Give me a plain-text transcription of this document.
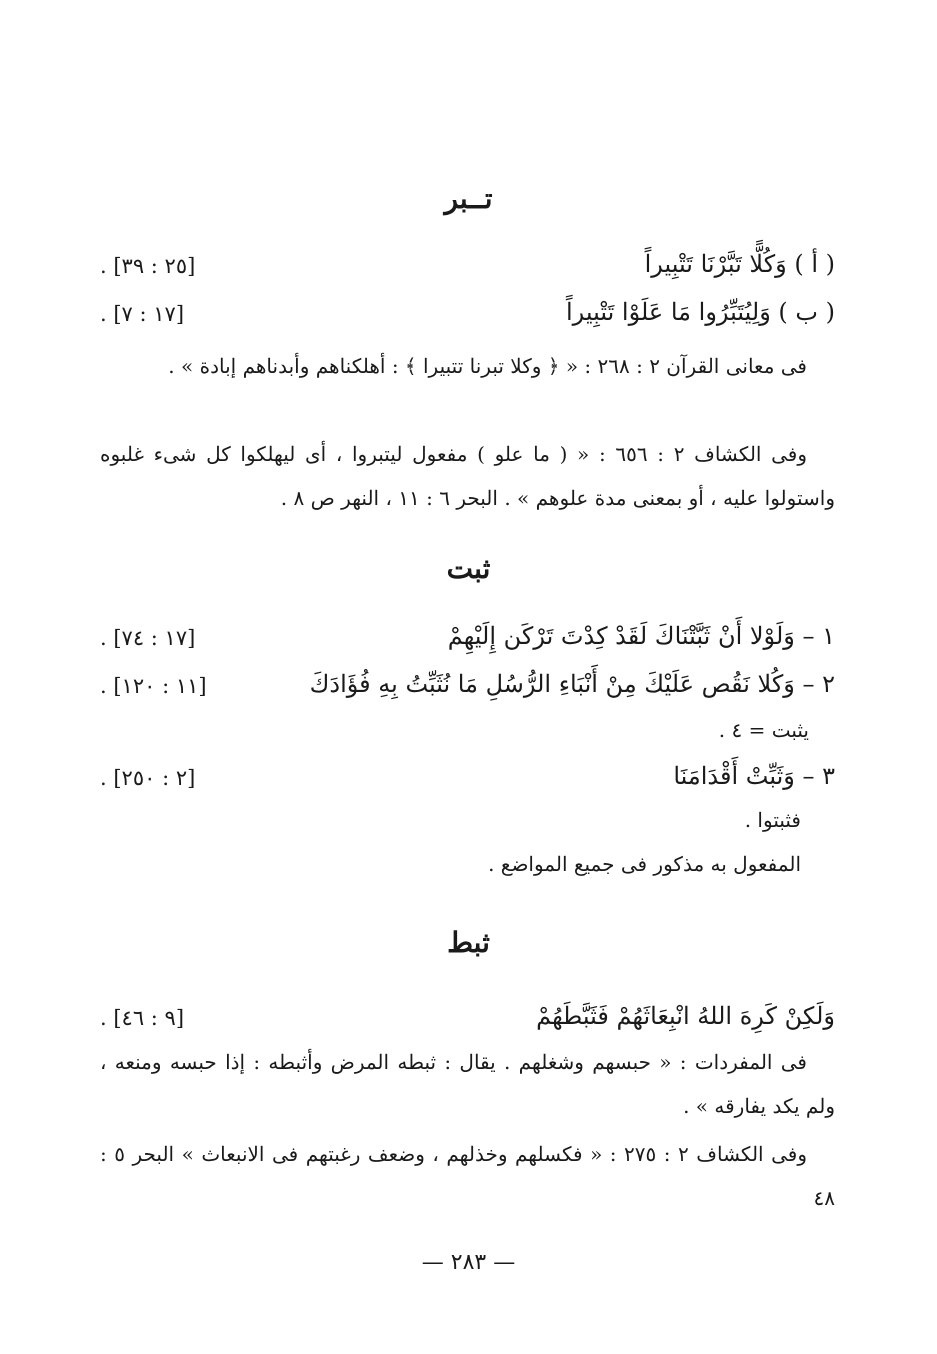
تــبر
( أ ) وَكُلًّا تَبَّرْنَا تَتْبِيراً
[٢٥ : ٣٩] .
( ب ) وَلِيُتَبِّرُوا مَا عَلَوْا تَتْبِيراً
[١٧ : ٧] .
فى معانى القرآن ٢ : ٢٦٨ : « ﴿ وكلا تبرنا تتبيرا ﴾ : أهلكناهم وأبدناهم إبادة » .
وفى الكشاف ٢ : ٦٥٦ : « ( ما علو ) مفعول ليتبروا ، أى ليهلكوا كل شىء غلبوه واستولوا عليه ، أو بمعنى مدة علوهم » . البحر ٦ : ١١ ، النهر ص ٨ .
ثبت
١ – وَلَوْلا أَنْ ثَبَّتْنَاكَ لَقَدْ كِدْتَ تَرْكَن إِلَيْهِمْ
[١٧ : ٧٤] .
٢ – وَكُلا نَقُص عَلَيْكَ مِنْ أَنْبَاءِ الرُّسُلِ مَا نُثَبِّتُ بِهِ فُؤَادَكَ
[١١ : ١٢٠] .
يثبت = ٤ .
٣ – وَثَبِّتْ أَقْدَامَنَا
[٢ : ٢٥٠] .
فثبتوا .
المفعول به مذكور فى جميع المواضع .
ثبط
وَلَكِنْ كَرِهَ اللهُ انْبِعَاثَهُمْ فَثَبَّطَهُمْ
[٩ : ٤٦] .
فى المفردات : « حبسهم وشغلهم . يقال : ثبطه المرض وأثبطه : إذا حبسه ومنعه ، ولم يكد يفارقه » .
وفى الكشاف ٢ : ٢٧٥ : « فكسلهم وخذلهم ، وضعف رغبتهم فى الانبعاث » البحر ٥ : ٤٨
— ٢٨٣ —
